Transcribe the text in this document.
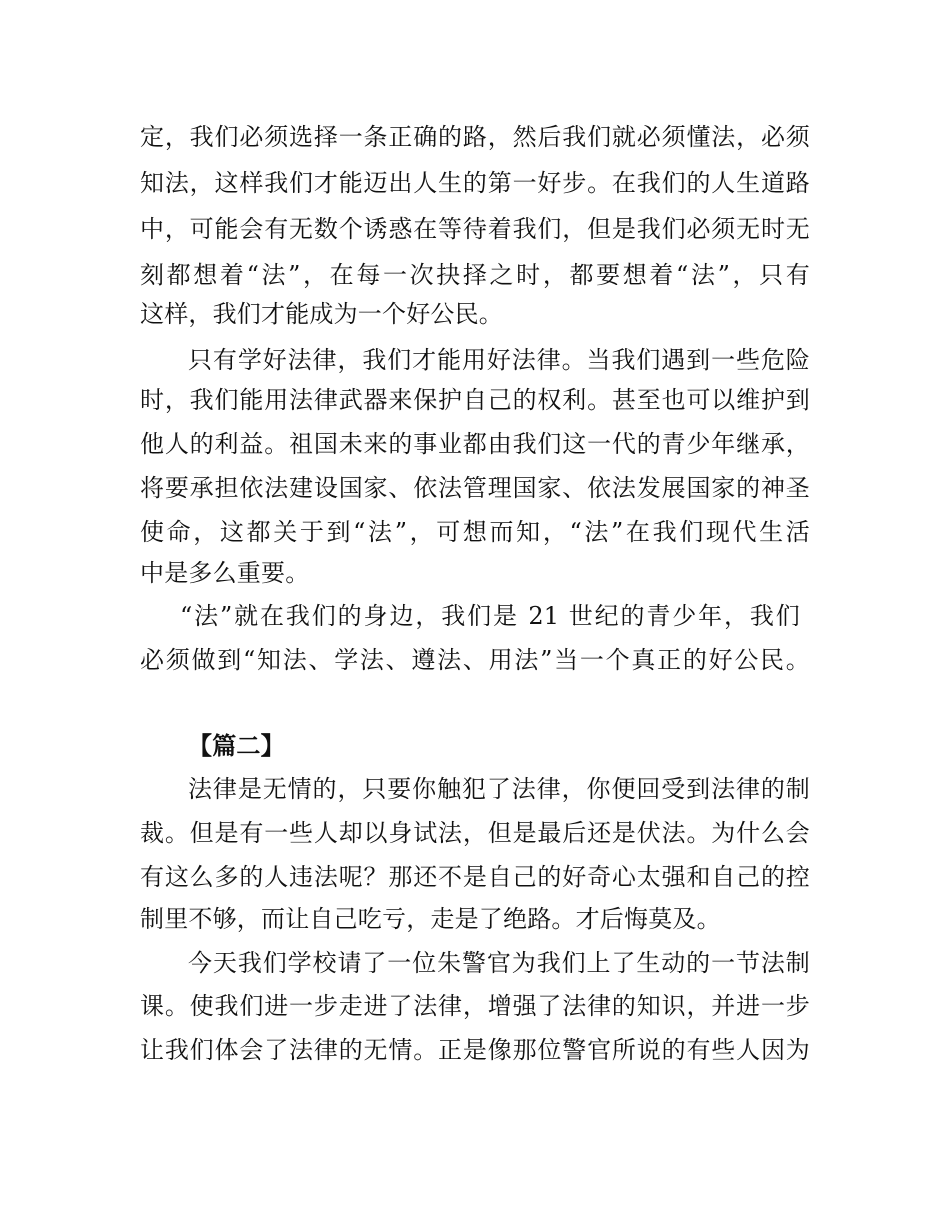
定，我们必须选择一条正确的路，然后我们就必须懂法，必须
知法，这样我们才能迈出人生的第一好步。在我们的人生道路
中，可能会有无数个诱惑在等待着我们，但是我们必须无时无
刻都想着“法”，在每一次抉择之时，都要想着“法”，只有
这样，我们才能成为一个好公民。
只有学好法律，我们才能用好法律。当我们遇到一些危险
时，我们能用法律武器来保护自己的权利。甚至也可以维护到
他人的利益。祖国未来的事业都由我们这一代的青少年继承，
将要承担依法建设国家、依法管理国家、依法发展国家的神圣
使命，这都关于到“法”，可想而知，“法”在我们现代生活
中是多么重要。
“法”就在我们的身边，我们是 21 世纪的青少年，我们
必须做到“知法、学法、遵法、用法”当一个真正的好公民。
【篇二】
法律是无情的，只要你触犯了法律，你便回受到法律的制
裁。但是有一些人却以身试法，但是最后还是伏法。为什么会
有这么多的人违法呢？那还不是自己的好奇心太强和自己的控
制里不够，而让自己吃亏，走是了绝路。才后悔莫及。
今天我们学校请了一位朱警官为我们上了生动的一节法制
课。使我们进一步走进了法律，增强了法律的知识，并进一步
让我们体会了法律的无情。正是像那位警官所说的有些人因为
